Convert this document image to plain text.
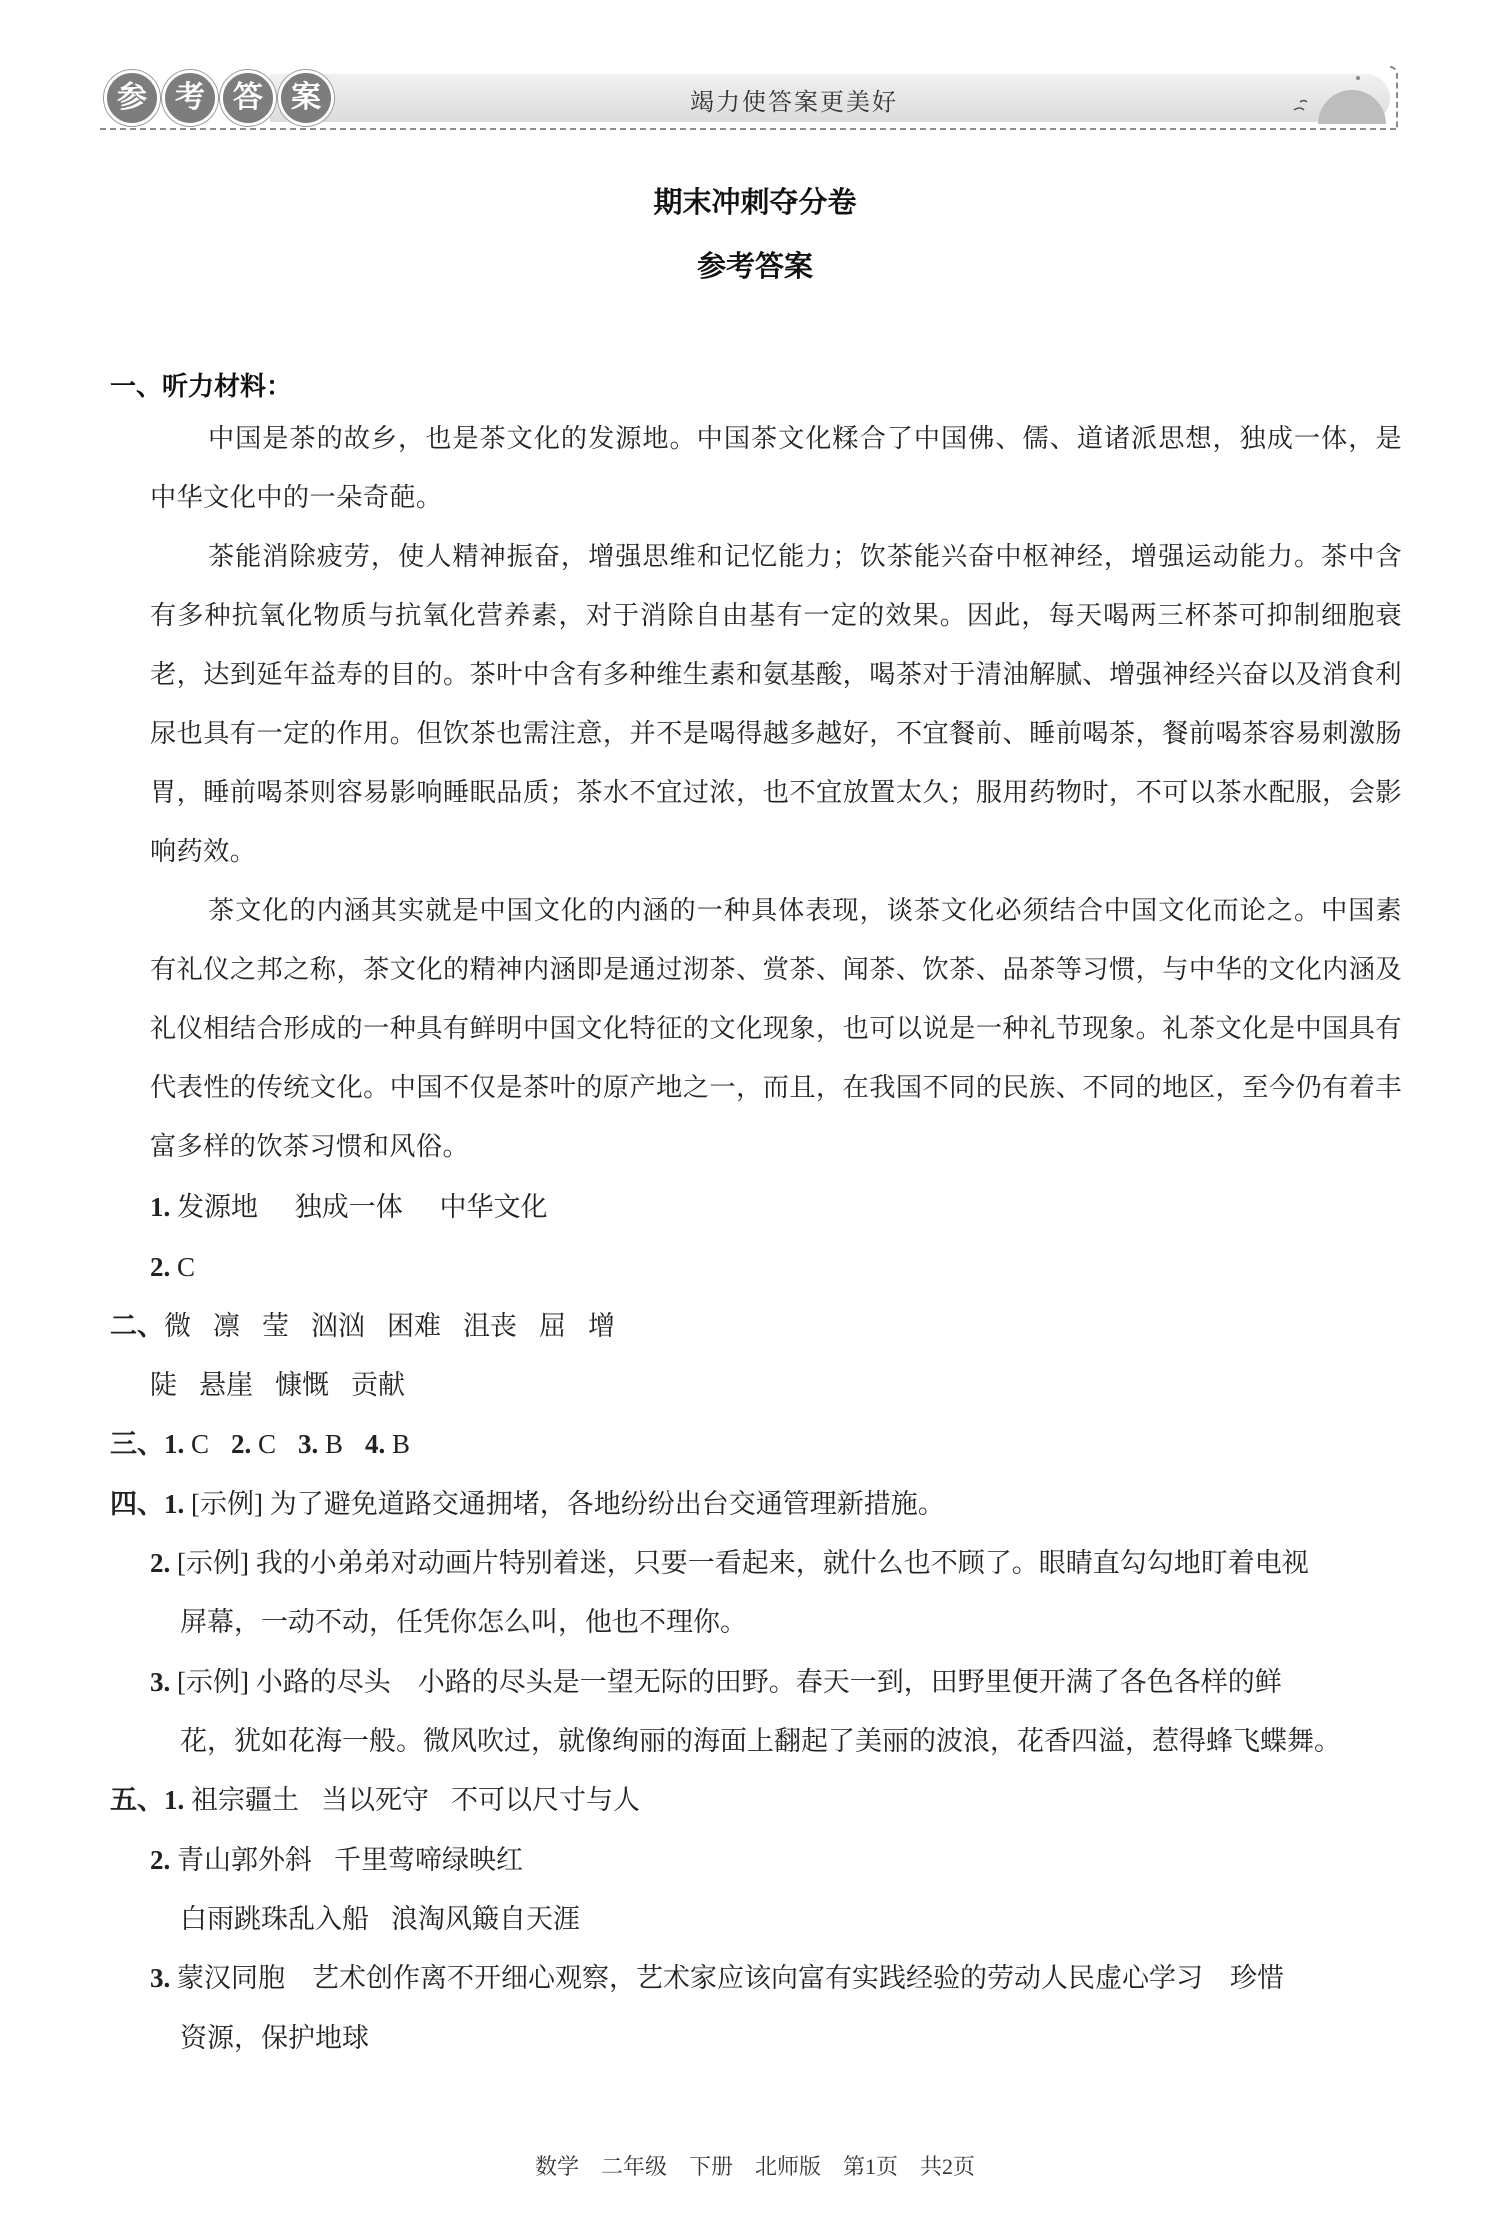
参 考 答 案	竭力使答案更美好
期末冲刺夺分卷
参考答案
一、听力材料：
中国是茶的故乡，也是茶文化的发源地。中国茶文化糅合了中国佛、儒、道诸派思想，独成一体，是中华文化中的一朵奇葩。
茶能消除疲劳，使人精神振奋，增强思维和记忆能力；饮茶能兴奋中枢神经，增强运动能力。茶中含有多种抗氧化物质与抗氧化营养素，对于消除自由基有一定的效果。因此，每天喝两三杯茶可抑制细胞衰老，达到延年益寿的目的。茶叶中含有多种维生素和氨基酸，喝茶对于清油解腻、增强神经兴奋以及消食利尿也具有一定的作用。但饮茶也需注意，并不是喝得越多越好，不宜餐前、睡前喝茶，餐前喝茶容易刺激肠胃，睡前喝茶则容易影响睡眠品质；茶水不宜过浓，也不宜放置太久；服用药物时，不可以茶水配服，会影响药效。
茶文化的内涵其实就是中国文化的内涵的一种具体表现，谈茶文化必须结合中国文化而论之。中国素有礼仪之邦之称，茶文化的精神内涵即是通过沏茶、赏茶、闻茶、饮茶、品茶等习惯，与中华的文化内涵及礼仪相结合形成的一种具有鲜明中国文化特征的文化现象，也可以说是一种礼节现象。礼茶文化是中国具有代表性的传统文化。中国不仅是茶叶的原产地之一，而且，在我国不同的民族、不同的地区，至今仍有着丰富多样的饮茶习惯和风俗。
1. 发源地 独成一体 中华文化
2. C
二、微 凛 莹 汹汹 困难 沮丧 屈 增
陡 悬崖 慷慨 贡献
三、1. C 2. C 3. B 4. B
四、1. [示例] 为了避免道路交通拥堵，各地纷纷出台交通管理新措施。
2. [示例] 我的小弟弟对动画片特别着迷，只要一看起来，就什么也不顾了。眼睛直勾勾地盯着电视
屏幕，一动不动，任凭你怎么叫，他也不理你。
3. [示例] 小路的尽头　小路的尽头是一望无际的田野。春天一到，田野里便开满了各色各样的鲜
花，犹如花海一般。微风吹过，就像绚丽的海面上翻起了美丽的波浪，花香四溢，惹得蜂飞蝶舞。
五、1. 祖宗疆土 当以死守 不可以尺寸与人
2. 青山郭外斜 千里莺啼绿映红
白雨跳珠乱入船 浪淘风簸自天涯
3. 蒙汉同胞　艺术创作离不开细心观察，艺术家应该向富有实践经验的劳动人民虚心学习　珍惜
资源，保护地球
数学　二年级　下册　北师版　第1页　共2页
